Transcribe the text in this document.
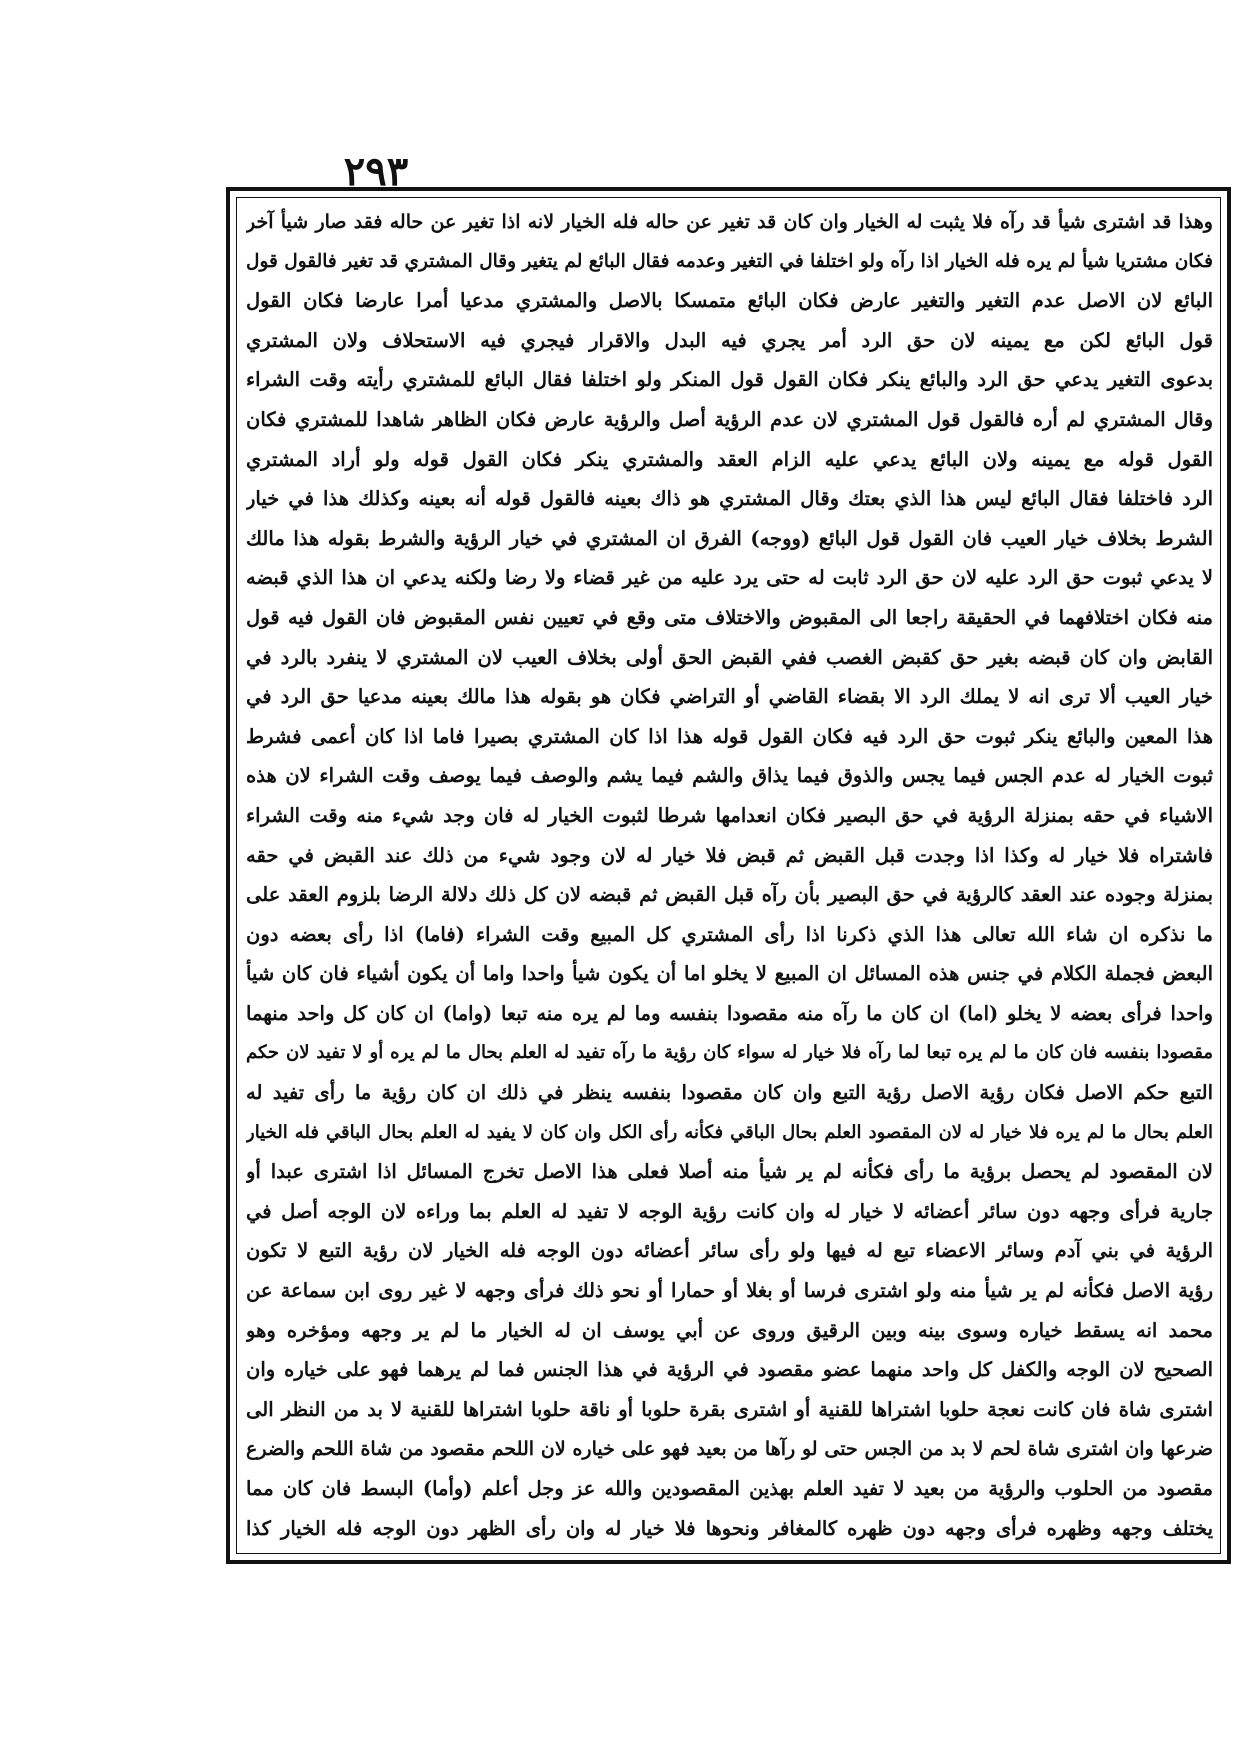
۲۹۳
وهذا قد اشترى شيأ قد رآه فلا يثبت له الخيار وان كان قد تغير عن حاله فله الخيار لانه اذا تغير عن حاله فقد صار شيأ آخر
فكان مشتريا شيأ لم يره فله الخيار اذا رآه ولو اختلفا في التغير وعدمه فقال البائع لم يتغير وقال المشتري قد تغير فالقول قول
البائع لان الاصل عدم التغير والتغير عارض فكان البائع متمسكا بالاصل والمشتري مدعيا أمرا عارضا فكان القول
قول البائع لكن مع يمينه لان حق الرد أمر يجري فيه البدل والاقرار فيجري فيه الاستحلاف ولان المشتري
بدعوى التغير يدعي حق الرد والبائع ينكر فكان القول قول المنكر ولو اختلفا فقال البائع للمشتري رأيته وقت الشراء
وقال المشتري لم أره فالقول قول المشتري لان عدم الرؤية أصل والرؤية عارض فكان الظاهر شاهدا للمشتري فكان
القول قوله مع يمينه ولان البائع يدعي عليه الزام العقد والمشتري ينكر فكان القول قوله ولو أراد المشتري
الرد فاختلفا فقال البائع ليس هذا الذي بعتك وقال المشتري هو ذاك بعينه فالقول قوله أنه بعينه وكذلك هذا في خيار
الشرط بخلاف خيار العيب فان القول قول البائع (ووجه) الفرق ان المشتري في خيار الرؤية والشرط بقوله هذا مالك
لا يدعي ثبوت حق الرد عليه لان حق الرد ثابت له حتى يرد عليه من غير قضاء ولا رضا ولكنه يدعي ان هذا الذي قبضه
منه فكان اختلافهما في الحقيقة راجعا الى المقبوض والاختلاف متى وقع في تعيين نفس المقبوض فان القول فيه قول
القابض وان كان قبضه بغير حق كقبض الغصب ففي القبض الحق أولى بخلاف العيب لان المشتري لا ينفرد بالرد في
خيار العيب ألا ترى انه لا يملك الرد الا بقضاء القاضي أو التراضي فكان هو بقوله هذا مالك بعينه مدعيا حق الرد في
هذا المعين والبائع ينكر ثبوت حق الرد فيه فكان القول قوله هذا اذا كان المشتري بصيرا فاما اذا كان أعمى فشرط
ثبوت الخيار له عدم الجس فيما يجس والذوق فيما يذاق والشم فيما يشم والوصف فيما يوصف وقت الشراء لان هذه
الاشياء في حقه بمنزلة الرؤية في حق البصير فكان انعدامها شرطا لثبوت الخيار له فان وجد شيء منه وقت الشراء
فاشتراه فلا خيار له وكذا اذا وجدت قبل القبض ثم قبض فلا خيار له لان وجود شيء من ذلك عند القبض في حقه
بمنزلة وجوده عند العقد كالرؤية في حق البصير بأن رآه قبل القبض ثم قبضه لان كل ذلك دلالة الرضا بلزوم العقد على
ما نذكره ان شاء الله تعالى هذا الذي ذكرنا اذا رأى المشتري كل المبيع وقت الشراء (فاما) اذا رأى بعضه دون
البعض فجملة الكلام في جنس هذه المسائل ان المبيع لا يخلو اما أن يكون شيأ واحدا واما أن يكون أشياء فان كان شيأ
واحدا فرأى بعضه لا يخلو (اما) ان كان ما رآه منه مقصودا بنفسه وما لم يره منه تبعا (واما) ان كان كل واحد منهما
مقصودا بنفسه فان كان ما لم يره تبعا لما رآه فلا خيار له سواء كان رؤية ما رآه تفيد له العلم بحال ما لم يره أو لا تفيد لان حكم
التبع حكم الاصل فكان رؤية الاصل رؤية التبع وان كان مقصودا بنفسه ينظر في ذلك ان كان رؤية ما رأى تفيد له
العلم بحال ما لم يره فلا خيار له لان المقصود العلم بحال الباقي فكأنه رأى الكل وان كان لا يفيد له العلم بحال الباقي فله الخيار
لان المقصود لم يحصل برؤية ما رأى فكأنه لم ير شيأ منه أصلا فعلى هذا الاصل تخرج المسائل اذا اشترى عبدا أو
جارية فرأى وجهه دون سائر أعضائه لا خيار له وان كانت رؤية الوجه لا تفيد له العلم بما وراءه لان الوجه أصل في
الرؤية في بني آدم وسائر الاعضاء تبع له فيها ولو رأى سائر أعضائه دون الوجه فله الخيار لان رؤية التبع لا تكون
رؤية الاصل فكأنه لم ير شيأ منه ولو اشترى فرسا أو بغلا أو حمارا أو نحو ذلك فرأى وجهه لا غير روى ابن سماعة عن
محمد انه يسقط خياره وسوى بينه وبين الرقيق وروى عن أبي يوسف ان له الخيار ما لم ير وجهه ومؤخره وهو
الصحيح لان الوجه والكفل كل واحد منهما عضو مقصود في الرؤية في هذا الجنس فما لم يرهما فهو على خياره وان
اشترى شاة فان كانت نعجة حلوبا اشتراها للقنية أو اشترى بقرة حلوبا أو ناقة حلوبا اشتراها للقنية لا بد من النظر الى
ضرعها وان اشترى شاة لحم لا بد من الجس حتى لو رآها من بعيد فهو على خياره لان اللحم مقصود من شاة اللحم والضرع
مقصود من الحلوب والرؤية من بعيد لا تفيد العلم بهذين المقصودين والله عز وجل أعلم (وأما) البسط فان كان مما
يختلف وجهه وظهره فرأى وجهه دون ظهره كالمغافر ونحوها فلا خيار له وان رأى الظهر دون الوجه فله الخيار كذا
